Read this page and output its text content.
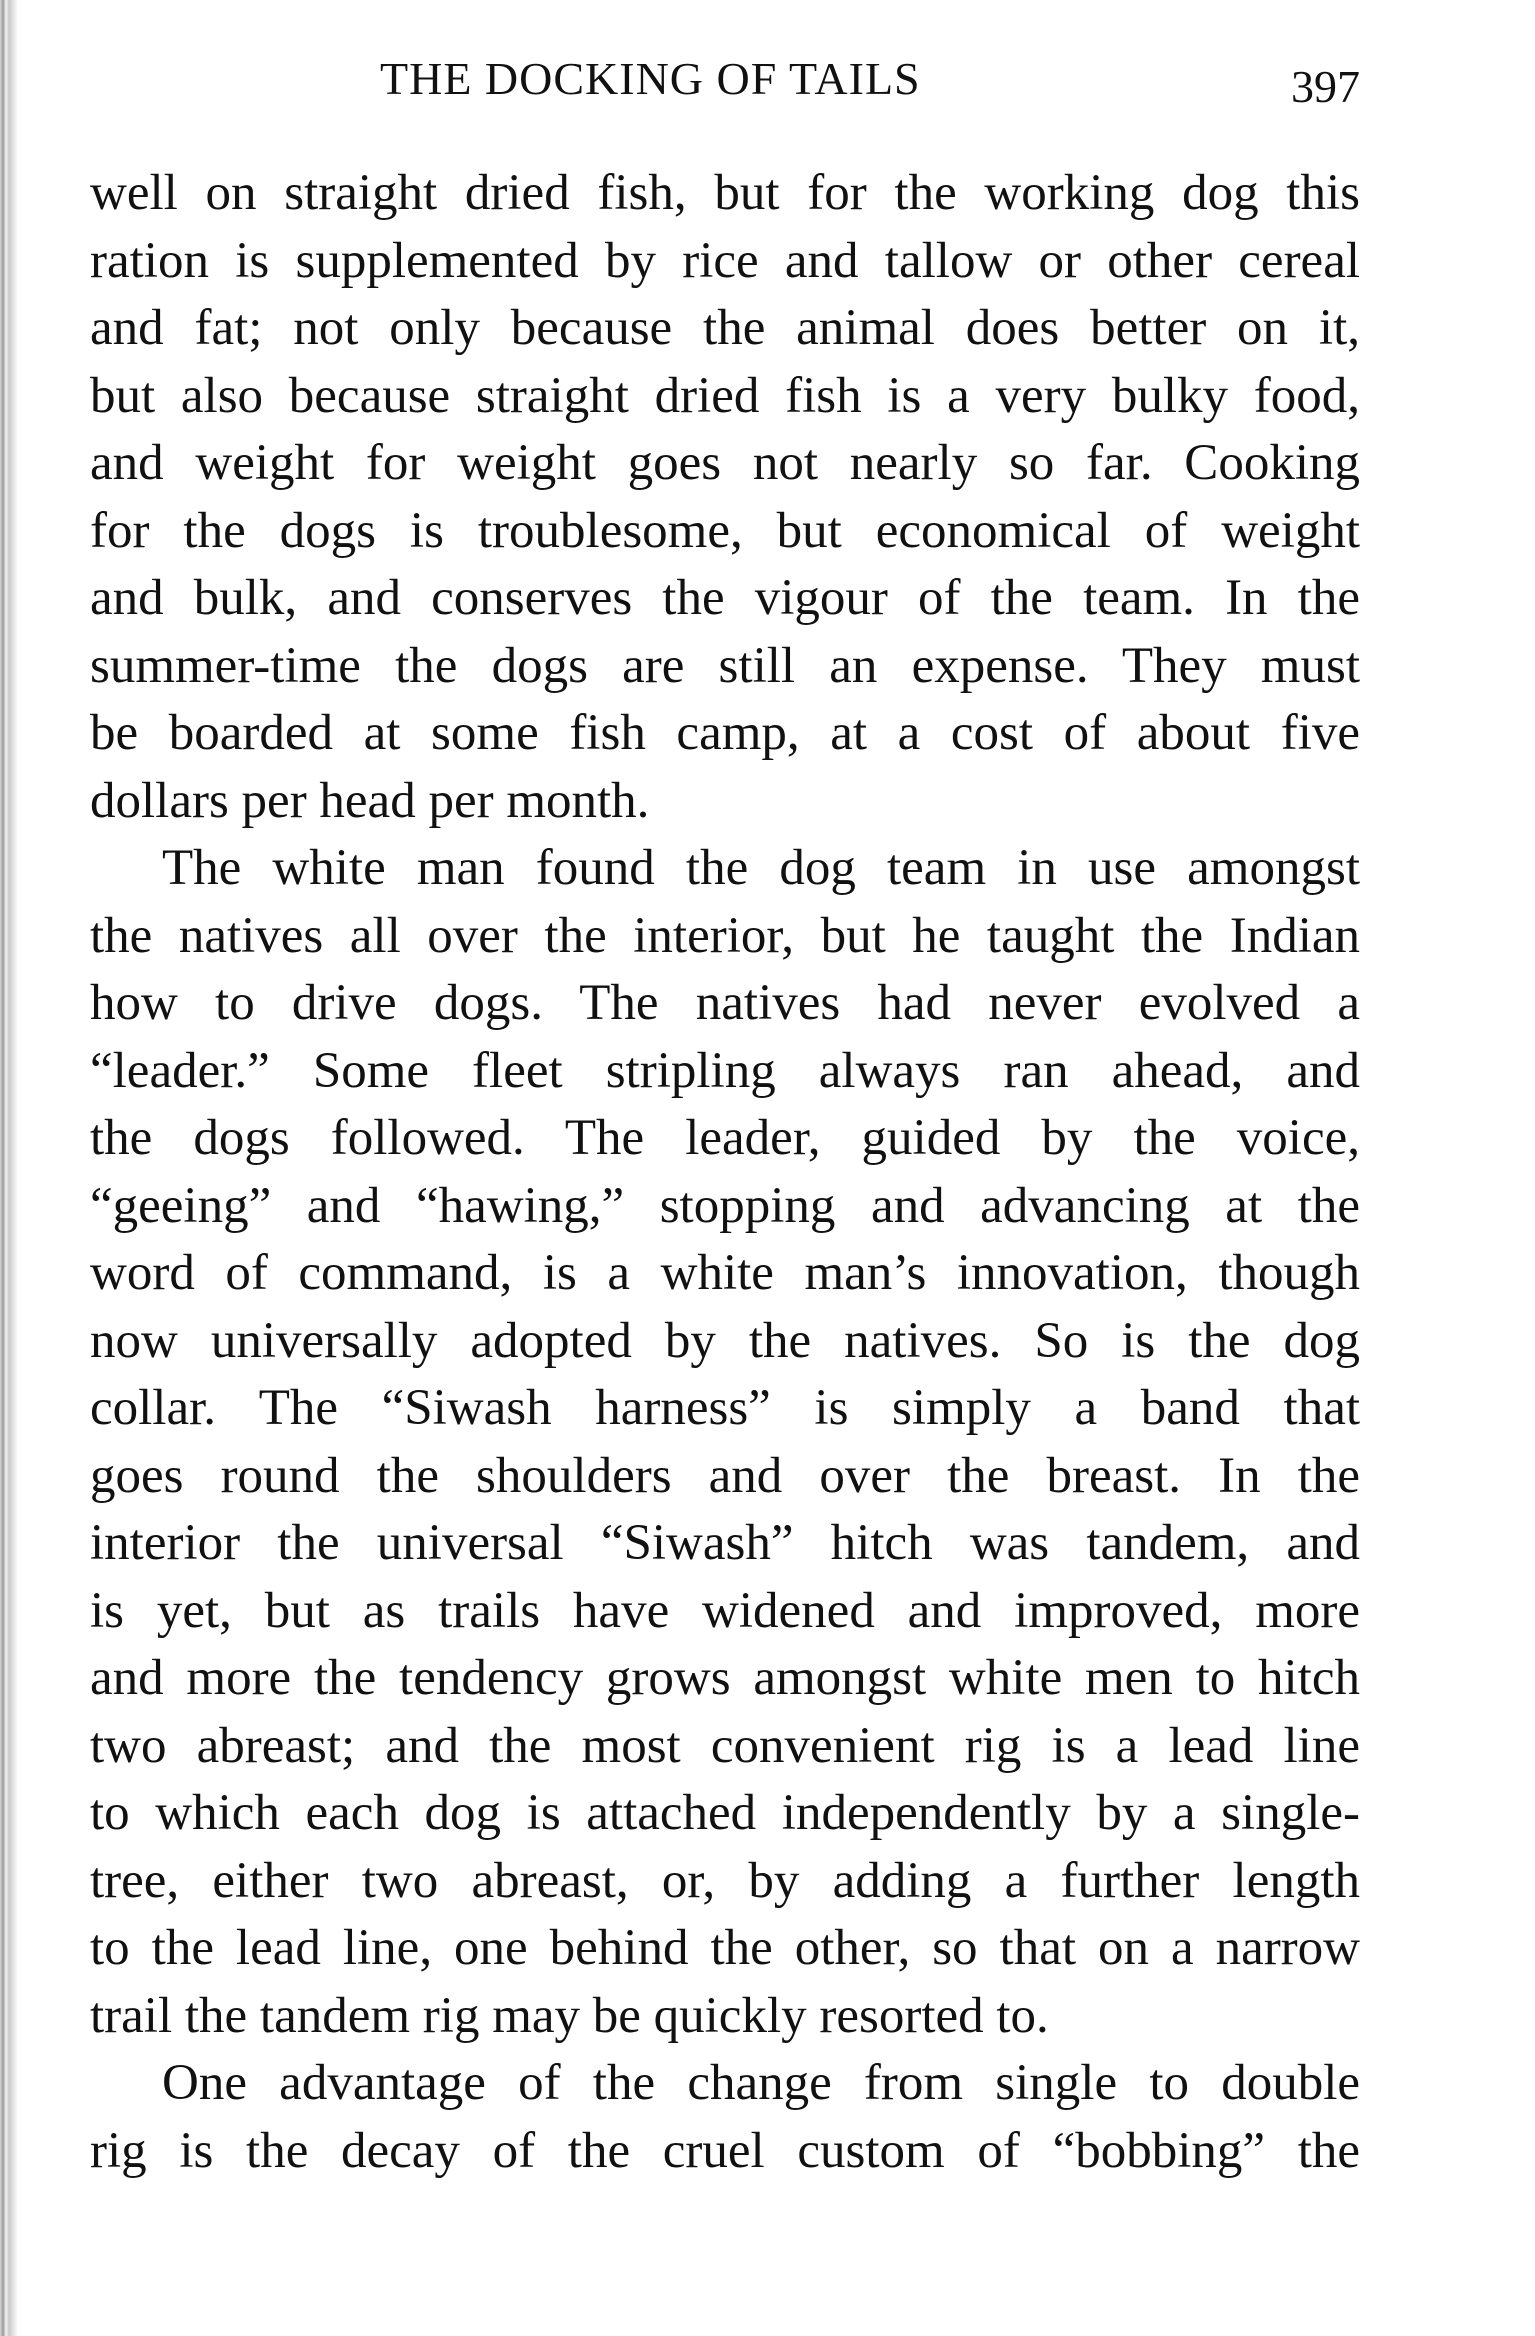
THE DOCKING OF TAILS	397
well on straight dried fish, but for the working dog this
ration is supplemented by rice and tallow or other cereal
and fat; not only because the animal does better on it,
but also because straight dried fish is a very bulky food,
and weight for weight goes not nearly so far. Cooking
for the dogs is troublesome, but economical of weight
and bulk, and conserves the vigour of the team. In the
summer-time the dogs are still an expense. They must
be boarded at some fish camp, at a cost of about five
dollars per head per month.
The white man found the dog team in use amongst
the natives all over the interior, but he taught the Indian
how to drive dogs. The natives had never evolved a
“leader.” Some fleet stripling always ran ahead, and
the dogs followed. The leader, guided by the voice,
“geeing” and “hawing,” stopping and advancing at the
word of command, is a white man’s innovation, though
now universally adopted by the natives. So is the dog
collar. The “Siwash harness” is simply a band that
goes round the shoulders and over the breast. In the
interior the universal “Siwash” hitch was tandem, and
is yet, but as trails have widened and improved, more
and more the tendency grows amongst white men to hitch
two abreast; and the most convenient rig is a lead line
to which each dog is attached independently by a single-
tree, either two abreast, or, by adding a further length
to the lead line, one behind the other, so that on a narrow
trail the tandem rig may be quickly resorted to.
One advantage of the change from single to double
rig is the decay of the cruel custom of “bobbing” the
